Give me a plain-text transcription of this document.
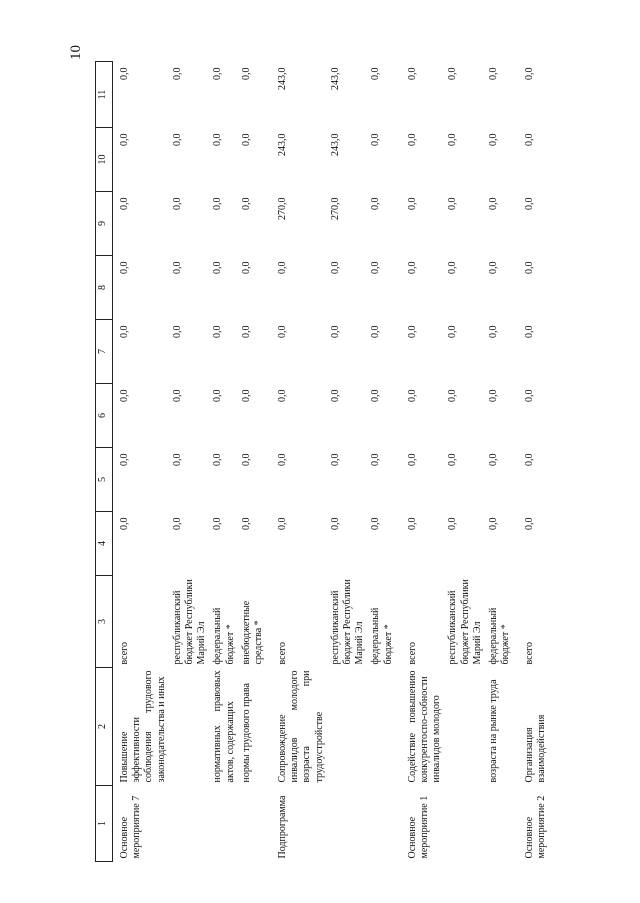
10
1	2	3	4	5	6	7	8	9	10	11
Основное мероприятие 7	Повышение эффективности соблюдения трудового законодательства и иных	всего	0,0	0,0	0,0	0,0	0,0	0,0	0,0	0,0
		республиканский бюджет Республики Марий Эл	0,0	0,0	0,0	0,0	0,0	0,0	0,0	0,0
	нормативных правовых актов, содержащих	федеральный бюджет *	0,0	0,0	0,0	0,0	0,0	0,0	0,0	0,0
	нормы трудового права	внебюджетные средства *	0,0	0,0	0,0	0,0	0,0	0,0	0,0	0,0
Подпрограмма	Сопровождение инвалидов молодого возраста при трудоустройстве	всего	0,0	0,0	0,0	0,0	0,0	270,0	243,0	243,0
		республиканский бюджет Республики Марий Эл	0,0	0,0	0,0	0,0	0,0	270,0	243,0	243,0
		федеральный бюджет *	0,0	0,0	0,0	0,0	0,0	0,0	0,0	0,0
Основное мероприятие 1	Содействие повышению конкурентоспо-собности инвалидов молодого	всего	0,0	0,0	0,0	0,0	0,0	0,0	0,0	0,0
		республиканский бюджет Республики Марий Эл	0,0	0,0	0,0	0,0	0,0	0,0	0,0	0,0
	возраста на рынке труда	федеральный бюджет *	0,0	0,0	0,0	0,0	0,0	0,0	0,0	0,0
Основное мероприятие 2	Организация взаимодействия	всего	0,0	0,0	0,0	0,0	0,0	0,0	0,0	0,0
